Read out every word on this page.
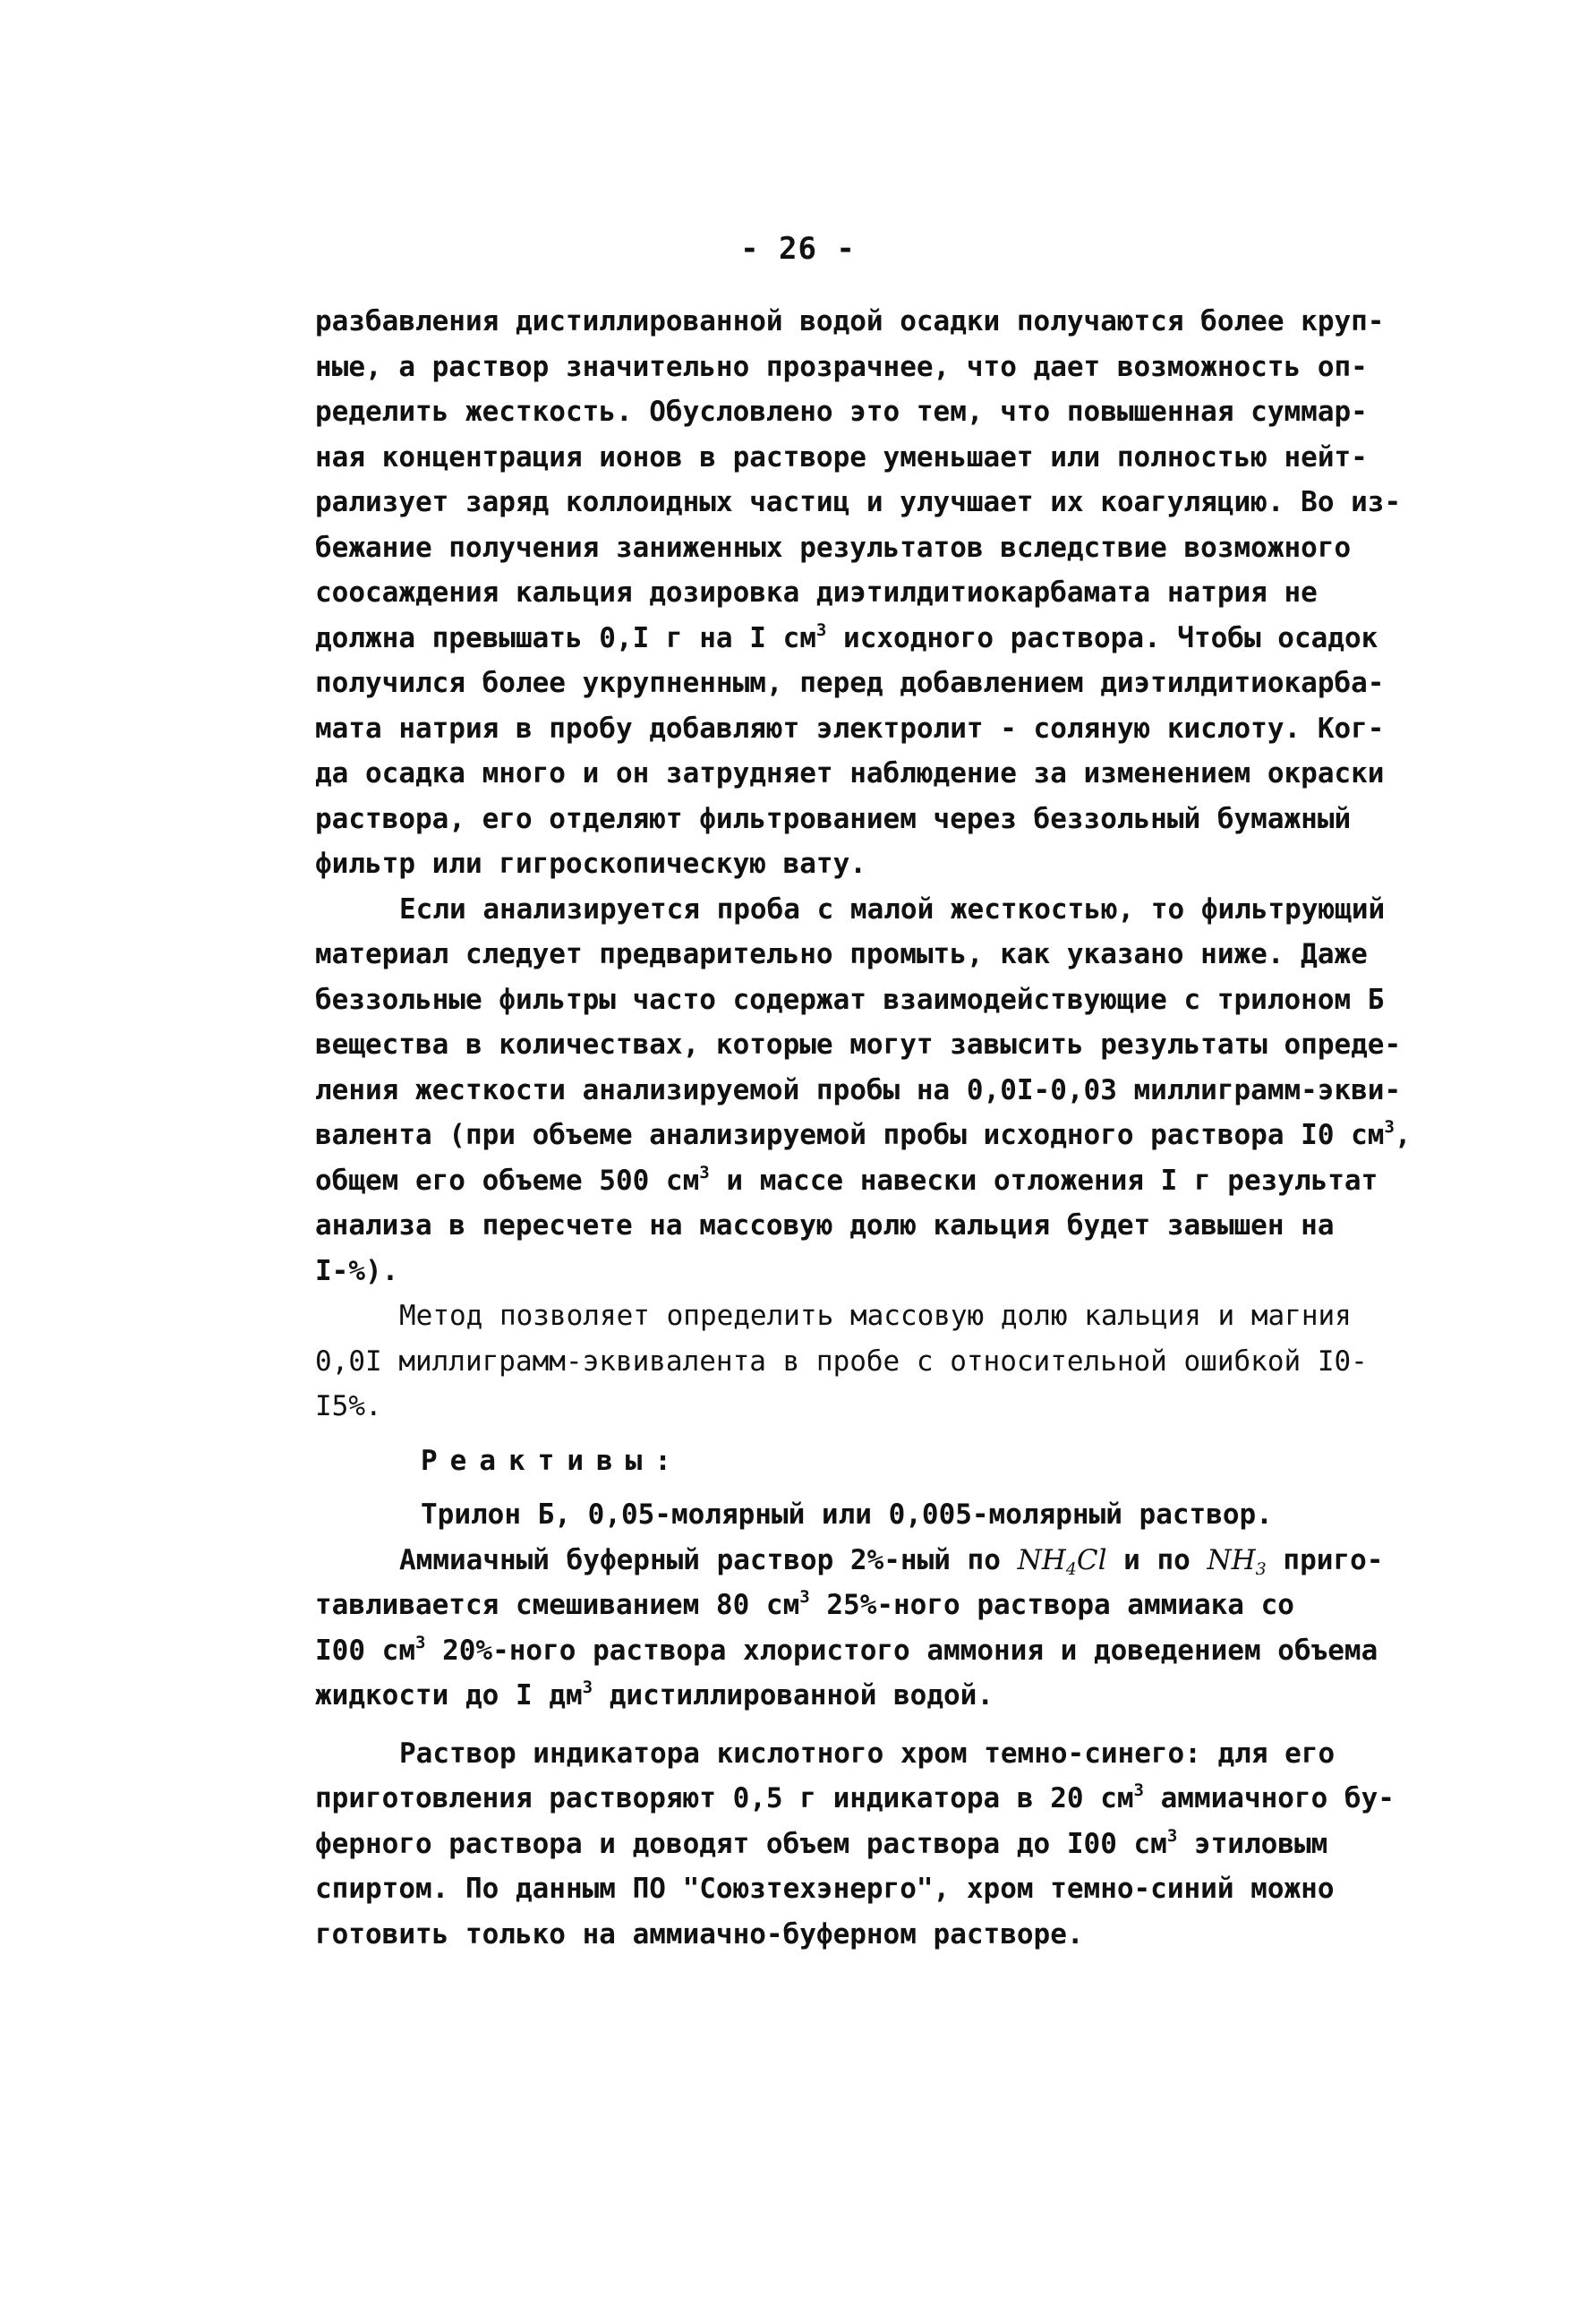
- 26 -
разбавления дистиллированной водой осадки получаются более круп-
ные, а раствор значительно прозрачнее, что дает возможность оп-
ределить жесткость. Обусловлено это тем, что повышенная суммар-
ная концентрация ионов в растворе уменьшает или полностью нейт-
рализует заряд коллоидных частиц и улучшает их коагуляцию. Во из-
бежание получения заниженных результатов вследствие возможного
соосаждения кальция дозировка диэтилдитиокарбамата натрия не
должна превышать 0,I г на I $см^3$ исходного раствора. Чтобы осадок
получился более укрупненным, перед добавлением диэтилдитиокарба-
мата натрия в пробу добавляют электролит - соляную кислоту. Ког-
да осадка много и он затрудняет наблюдение за изменением окраски
раствора, его отделяют фильтрованием через беззольный бумажный
фильтр или гигроскопическую вату.
Если анализируется проба с малой жесткостью, то фильтрующий
материал следует предварительно промыть, как указано ниже. Даже
беззольные фильтры часто содержат взаимодействующие с трилоном Б
вещества в количествах, которые могут завысить результаты опреде-
ления жесткости анализируемой пробы на 0,0I-0,03 миллиграмм-экви-
валента (при объеме анализируемой пробы исходного раствора I0 $см^3$,
общем его объеме 500 $см^3$ и массе навески отложения I г результат
анализа в пересчете на массовую долю кальция будет завышен на
I-%).
Метод позволяет определить массовую долю кальция и магния
0,0I миллиграмм-эквивалента в пробе с относительной ошибкой I0-
I5%.
Реактивы:
Трилон Б, 0,05-молярный или 0,005-молярный раствор.
Аммиачный буферный раствор 2%-ный по $NH_4Cl$ и по $NH_3$ приго-
тавливается смешиванием 80 $см^3$ 25%-ного раствора аммиака со
I00 $см^3$ 20%-ного раствора хлористого аммония и доведением объема
жидкости до I $дм^3$ дистиллированной водой.
Раствор индикатора кислотного хром темно-синего: для его
приготовления растворяют 0,5 г индикатора в 20 $см^3$ аммиачного бу-
ферного раствора и доводят объем раствора до I00 $см^3$ этиловым
спиртом. По данным ПО "Союзтехэнерго", хром темно-синий можно
готовить только на аммиачно-буферном растворе.
